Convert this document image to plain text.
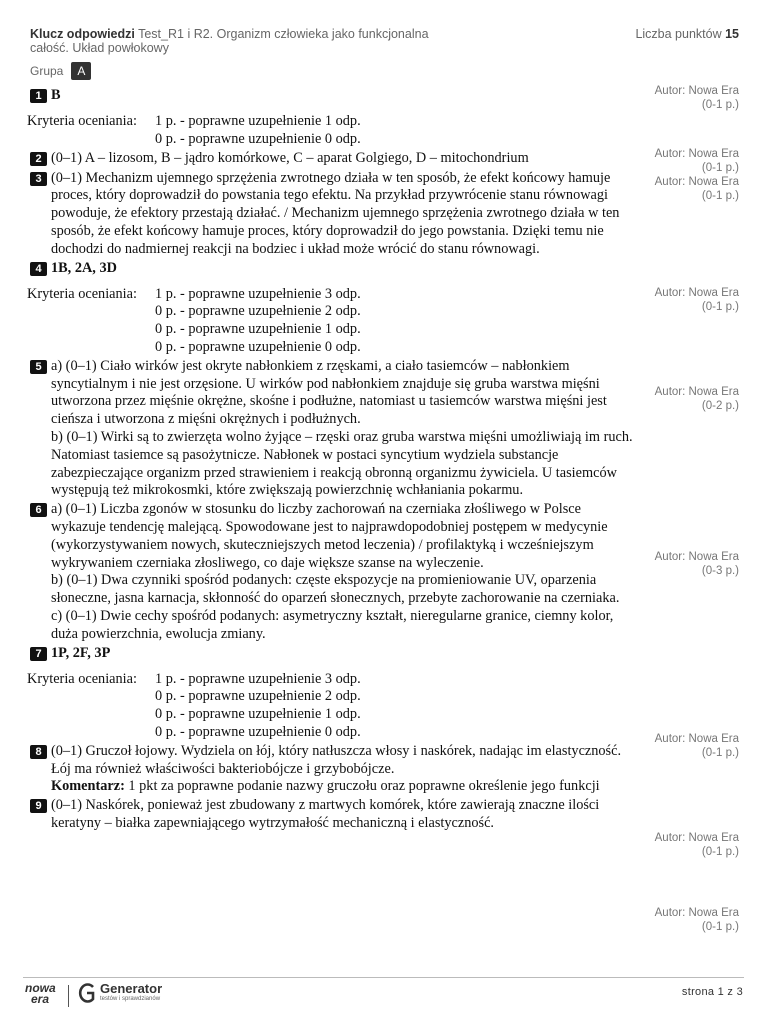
Klucz odpowiedzi Test_R1 i R2. Organizm człowieka jako funkcjonalna całość. Układ powłokowy
Liczba punktów 15
Grupa	A
Autor: Nowa Era
(0-1 p.)
Autor: Nowa Era
(0-1 p.)
Autor: Nowa Era
(0-1 p.)
Autor: Nowa Era
(0-1 p.)
Autor: Nowa Era
(0-2 p.)
Autor: Nowa Era
(0-3 p.)
Autor: Nowa Era
(0-1 p.)
Autor: Nowa Era
(0-1 p.)
Autor: Nowa Era
(0-1 p.)
1 B

Kryteria oceniania:	1 p. - poprawne uzupełnienie 1 odp.

0 p. - poprawne uzupełnienie 0 odp.

2 (0–1) A – lizosom, B – jądro komórkowe, C – aparat Golgiego, D – mitochondrium

3 (0–1) Mechanizm ujemnego sprzężenia zwrotnego działa w ten sposób, że efekt końcowy hamuje proces, który doprowadził do powstania tego efektu. Na przykład przywrócenie stanu równowagi powoduje, że efektory przestają działać. / Mechanizm ujemnego sprzężenia zwrotnego działa w ten sposób, że efekt końcowy hamuje proces, który doprowadził do jego powstania. Dzięki temu nie dochodzi do nadmiernej reakcji na bodziec i układ może wrócić do stanu równowagi.

4 1B, 2A, 3D

Kryteria oceniania:	1 p. - poprawne uzupełnienie 3 odp.

0 p. - poprawne uzupełnienie 2 odp.

0 p. - poprawne uzupełnienie 1 odp.

0 p. - poprawne uzupełnienie 0 odp.

5 a) (0–1) Ciało wirków jest okryte nabłonkiem z rzęskami, a ciało tasiemców – nabłonkiem syncytialnym i nie jest orzęsione. U wirków pod nabłonkiem znajduje się gruba warstwa mięśni utworzona przez mięśnie okrężne, skośne i podłużne, natomiast u tasiemców warstwa mięśni jest cieńsza i utworzona z mięśni okrężnych i podłużnych.

b) (0–1) Wirki są to zwierzęta wolno żyjące – rzęski oraz gruba warstwa mięśni umożliwiają im ruch. Natomiast tasiemce są pasożytnicze. Nabłonek w postaci syncytium wydziela substancje zabezpieczające organizm przed strawieniem i reakcją obronną organizmu żywiciela. U tasiemców występują też mikrokosmki, które zwiększają powierzchnię wchłaniania pokarmu.

6 a) (0–1) Liczba zgonów w stosunku do liczby zachorowań na czerniaka złośliwego w Polsce wykazuje tendencję malejącą. Spowodowane jest to najprawdopodobniej postępem w medycynie (wykorzystywaniem nowych, skuteczniejszych metod leczenia) / profilaktyką i wcześniejszym wykrywaniem czerniaka złosliwego, co daje większe szanse na wyleczenie.

b) (0–1) Dwa czynniki spośród podanych: częste ekspozycje na promieniowanie UV, oparzenia słoneczne, jasna karnacja, skłonność do oparzeń słonecznych, przebyte zachorowanie na czerniaka.

c) (0–1) Dwie cechy spośród podanych: asymetryczny kształt, nieregularne granice, ciemny kolor, duża powierzchnia, ewolucja zmiany.

7 1P, 2F, 3P

Kryteria oceniania:	1 p. - poprawne uzupełnienie 3 odp.

0 p. - poprawne uzupełnienie 2 odp.

0 p. - poprawne uzupełnienie 1 odp.

0 p. - poprawne uzupełnienie 0 odp.

8 (0–1) Gruczoł łojowy. Wydziela on łój, który natłuszcza włosy i naskórek, nadając im elastyczność. Łój ma również właściwości bakteriobójcze i grzybobójcze.

Komentarz: 1 pkt za poprawne podanie nazwy gruczołu oraz poprawne określenie jego funkcji

9 (0–1) Naskórek, ponieważ jest zbudowany z martwych komórek, które zawierają znaczne ilości keratyny – białka zapewniającego wytrzymałość mechaniczną i elastyczność.

nowa
era
Generator
testów i sprawdzianów
strona 1 z 3
